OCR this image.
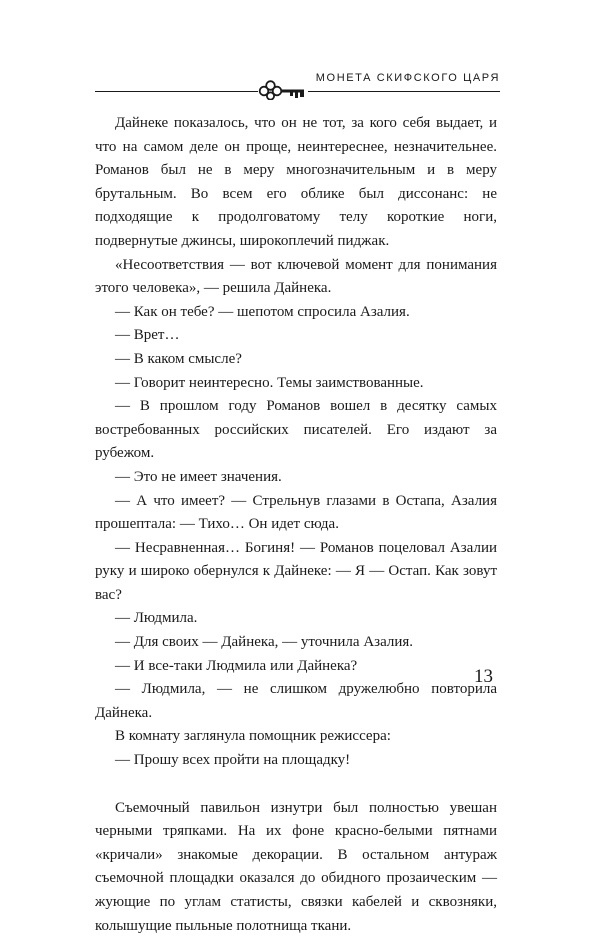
МОНЕТА СКИФСКОГО ЦАРЯ

Дайнеке показалось, что он не тот, за кого себя выдает, и что на самом деле он проще, неинтереснее, незначительнее. Романов был не в меру многозначительным и в меру брутальным. Во всем его облике был диссонанс: не подходящие к продолговатому телу короткие ноги, подвернутые джинсы, широкоплечий пиджак.

«Несоответствия — вот ключевой момент для понимания этого человека», — решила Дайнека.

— Как он тебе? — шепотом спросила Азалия.

— Врет…

— В каком смысле?

— Говорит неинтересно. Темы заимствованные.

— В прошлом году Романов вошел в десятку самых востребованных российских писателей. Его издают за рубежом.

— Это не имеет значения.

— А что имеет? — Стрельнув глазами в Остапа, Азалия прошептала: — Тихо… Он идет сюда.

— Несравненная… Богиня! — Романов поцеловал Азалии руку и широко обернулся к Дайнеке: — Я — Остап. Как зовут вас?

— Людмила.

— Для своих — Дайнека, — уточнила Азалия.

— И все-таки Людмила или Дайнека?

— Людмила, — не слишком дружелюбно повторила Дайнека.

В комнату заглянула помощник режиссера:

— Прошу всех пройти на площадку!

Съемочный павильон изнутри был полностью увешан черными тряпками. На их фоне красно-белыми пятнами «кричали» знакомые декорации. В остальном антураж съемочной площадки оказался до обидного прозаическим — жующие по углам статисты, связки кабелей и сквозняки, колышущие пыльные полотнища ткани.

13
